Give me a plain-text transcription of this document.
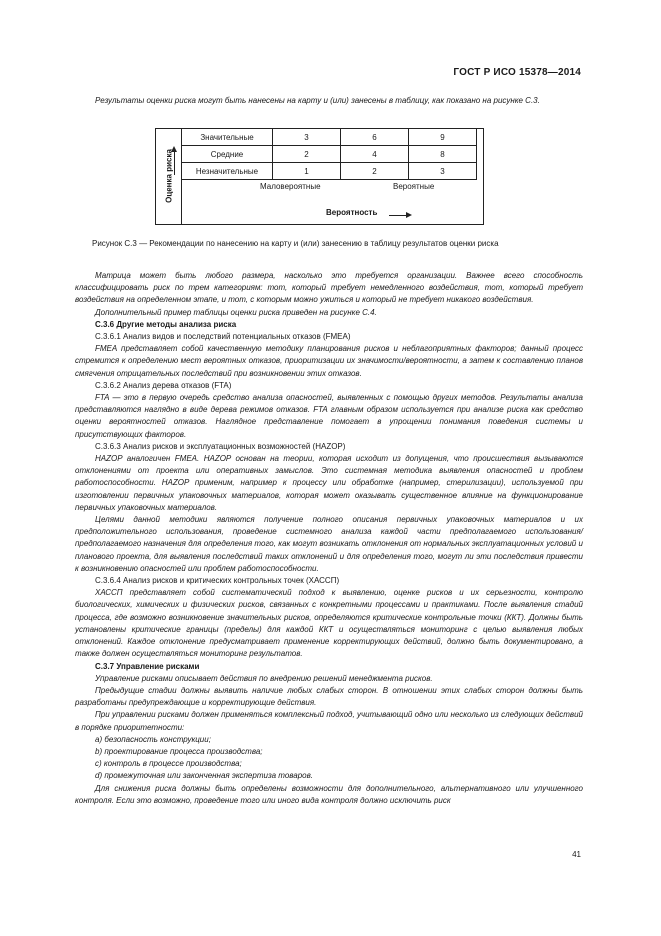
ГОСТ Р ИСО 15378—2014

Результаты оценки риска могут быть нанесены на карту и (или) занесены в таблицу, как показано на рисунке С.3.

Оценка риска
Значительные	3	6	9
Средние	2	4	8
Незначительные	1	2	3
Маловероятные	Вероятные
Вероятность
Рисунок С.3 — Рекомендации по нанесению на карту и (или) занесению в таблицу результатов оценки риска

Матрица может быть любого размера, насколько это требуется организации. Важнее всего способность классифицировать риск по трем категориям: тот, который требует немедленного воздействия, тот, который требует воздействия на определенном этапе, и тот, с которым можно ужиться и который не требует никакого воздействия.

Дополнительный пример таблицы оценки риска приведен на рисунке С.4.

С.3.6 Другие методы анализа риска

С.3.6.1 Анализ видов и последствий потенциальных отказов (FMEA)

FMEA представляет собой качественную методику планирования рисков и неблагоприятных факторов; данный процесс стремится к определению мест вероятных отказов, приоритизации их значимости/вероятности, а затем к составлению планов смягчения отрицательных последствий при возникновении этих отказов.

С.3.6.2 Анализ дерева отказов (FTA)

FTA — это в первую очередь средство анализа опасностей, выявленных с помощью других методов. Результаты анализа представляются наглядно в виде дерева режимов отказов. FTA главным образом используется при анализе риска как средство оценки вероятностей отказов. Наглядное представление помогает в упрощении понимания поведения системы и присутствующих факторов.

С.3.6.3 Анализ рисков и эксплуатационных возможностей (HAZOP)

HAZOP аналогичен FMEA. HAZOP основан на теории, которая исходит из допущения, что происшествия вызываются отклонениями от проекта или оперативных замыслов. Это системная методика выявления опасностей и проблем работоспособности. HAZOP применим, например к процессу или обработке (например, стерилизации), используемой при изготовлении первичных упаковочных материалов, которая может оказывать существенное влияние на функционирование первичных упаковочных материалов.

Целями данной методики являются получение полного описания первичных упаковочных материалов и их предположительного использования, проведение системного анализа каждой части предполагаемого использования/предполагаемого назначения для определения того, как могут возникать отклонения от нормальных эксплуатационных условий и планового проекта, для выявления последствий таких отклонений и для определения того, могут ли эти последствия привести к возникновению опасностей или проблем работоспособности.

С.3.6.4 Анализ рисков и критических контрольных точек (ХАССП)

ХАССП представляет собой систематический подход к выявлению, оценке рисков и их серьезности, контролю биологических, химических и физических рисков, связанных с конкретными процессами и практиками. После выявления стадий процесса, где возможно возникновение значительных рисков, определяются критические контрольные точки (ККТ). Должны быть установлены критические границы (пределы) для каждой ККТ и осуществляться мониторинг с целью выявления любых отклонений. Каждое отклонение предусматривает применение корректирующих действий, должно быть документировано, а также должен осуществляться мониторинг результатов.

С.3.7 Управление рисками

Управление рисками описывает действия по внедрению решений менеджмента рисков.

Предыдущие стадии должны выявить наличие любых слабых сторон. В отношении этих слабых сторон должны быть разработаны предупреждающие и корректирующие действия.

При управлении рисками должен применяться комплексный подход, учитывающий одно или несколько из следующих действий в порядке приоритетности:

a) безопасность конструкции;

b) проектирование процесса производства;

c) контроль в процессе производства;

d) промежуточная или законченная экспертиза товаров.

Для снижения риска должны быть определены возможности для дополнительного, альтернативного или улучшенного контроля. Если это возможно, проведение того или иного вида контроля должно исключить риск

41
